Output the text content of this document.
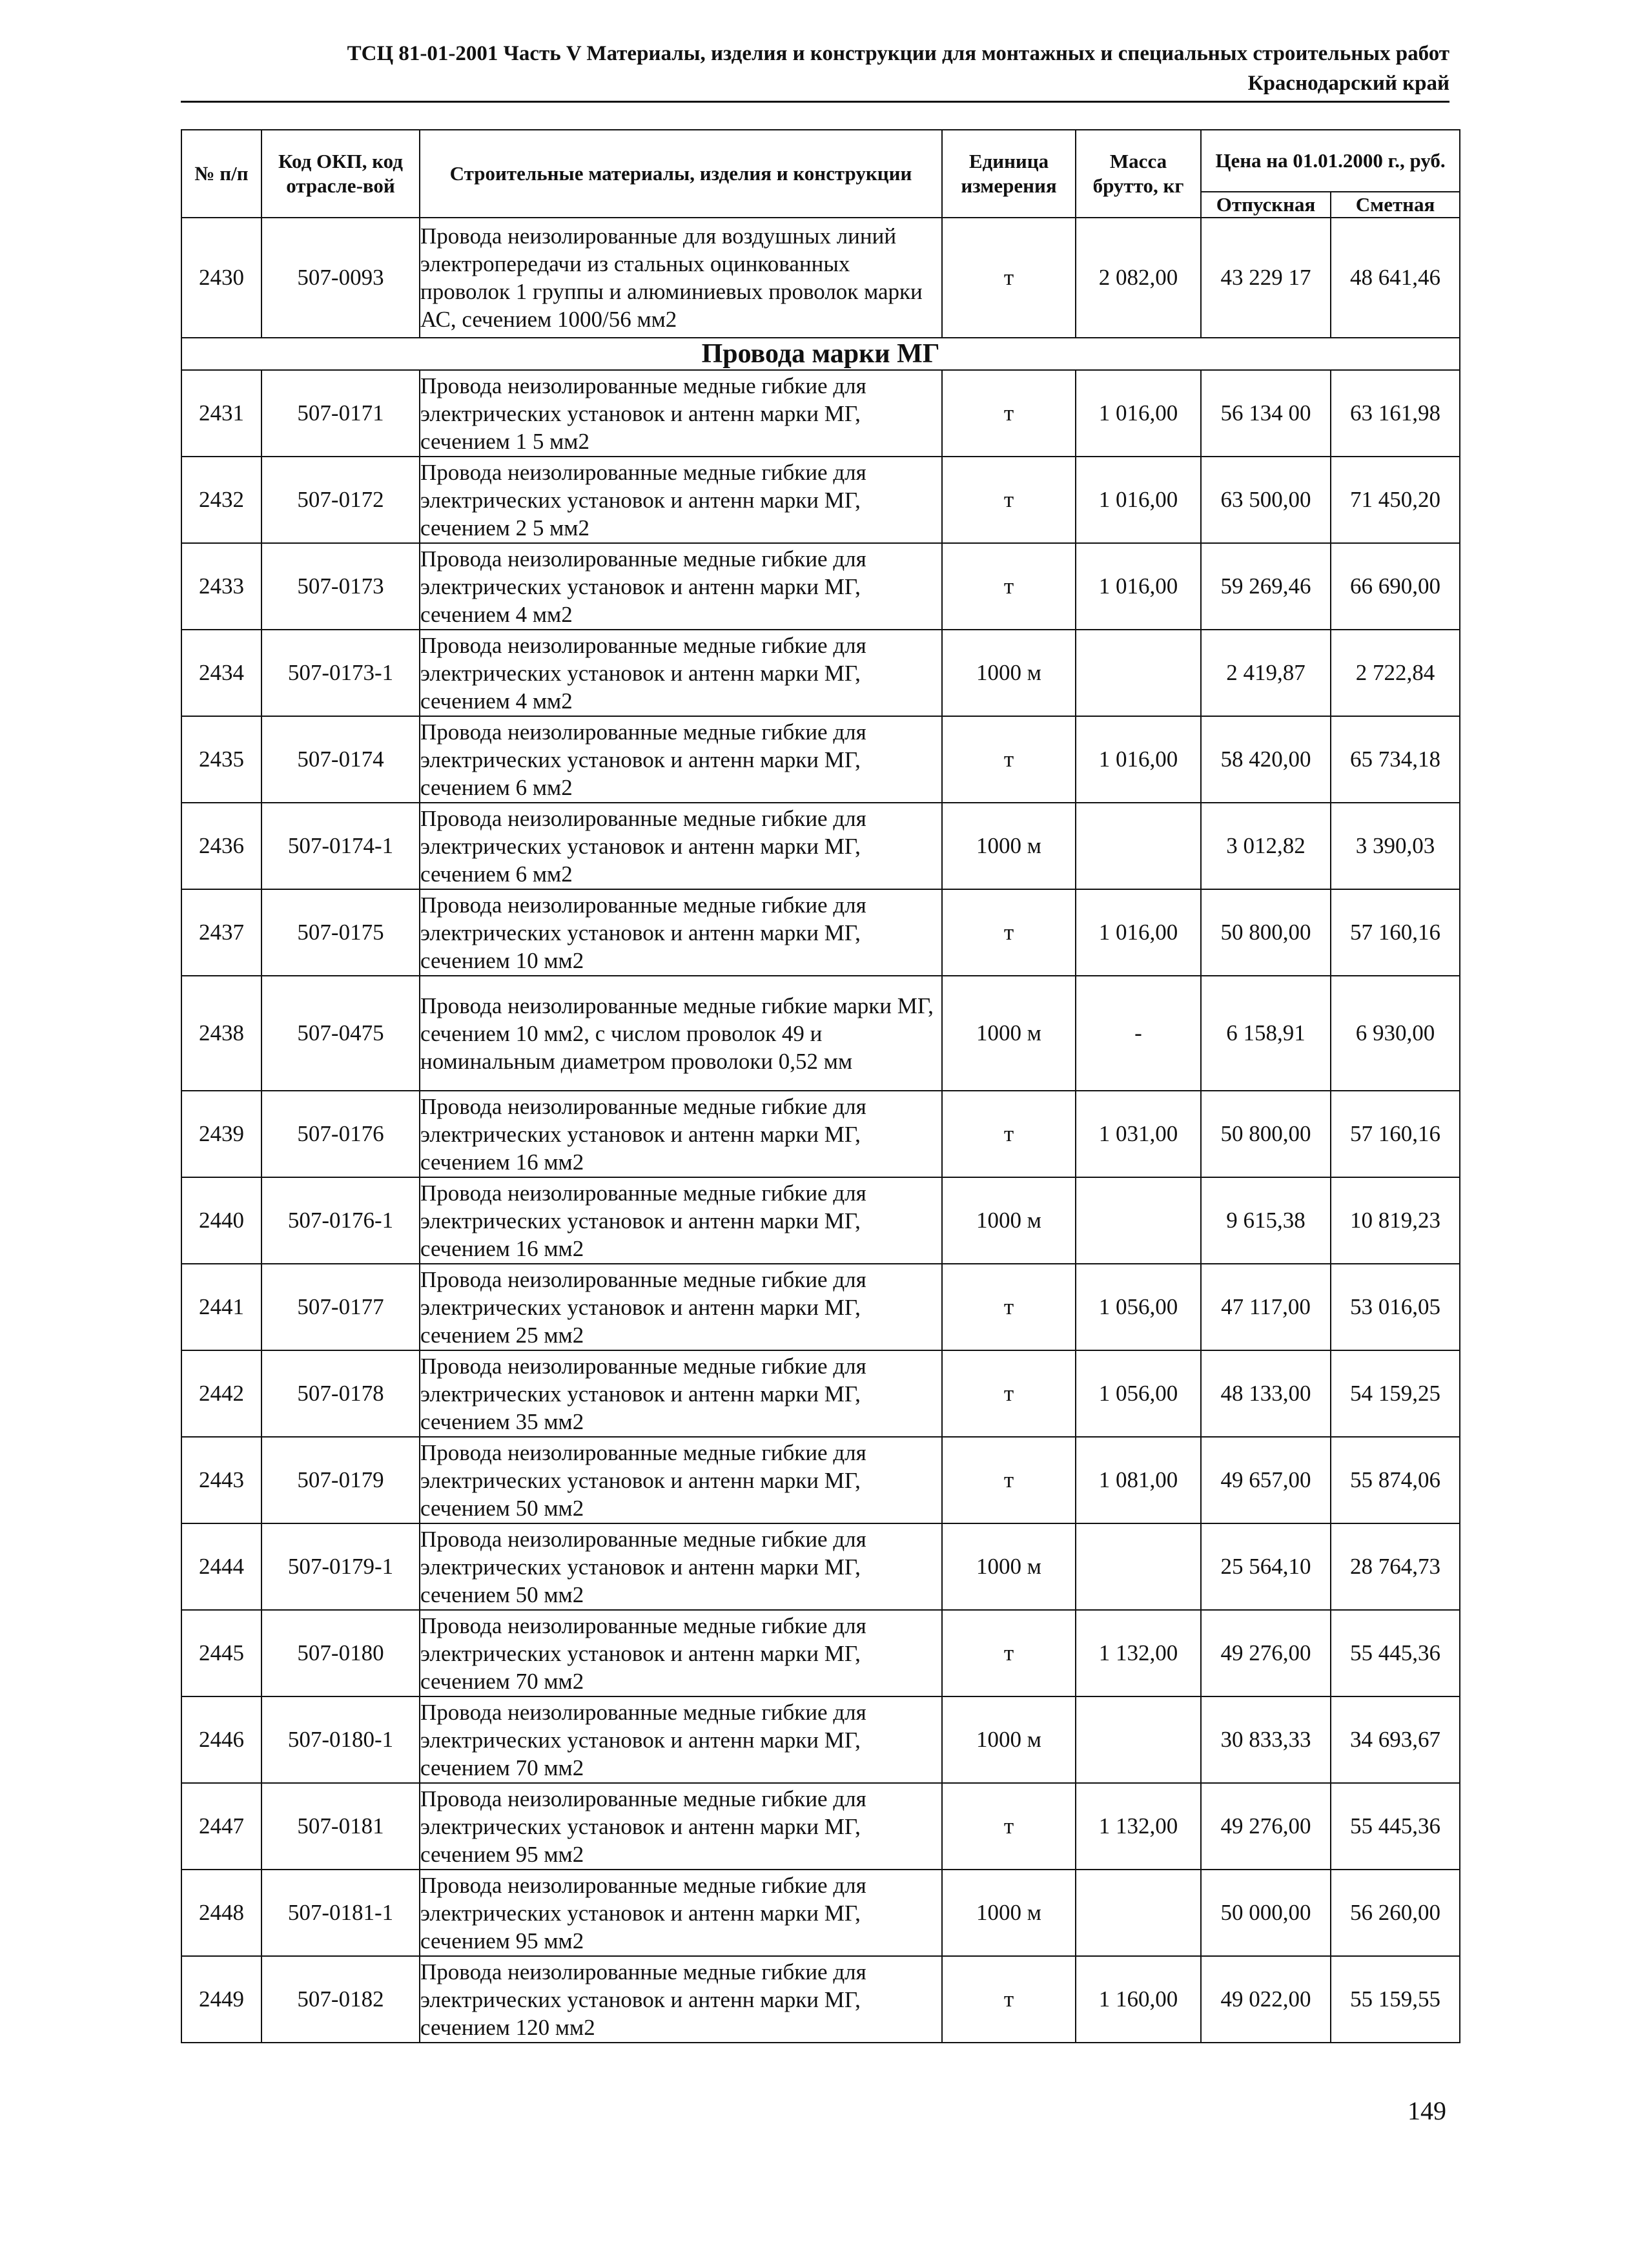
ТСЦ 81-01-2001 Часть V Материалы, изделия и конструкции для монтажных и специальных строительных работ
Краснодарский край
№ п/п	Код ОКП, код отрасле-вой	Строительные материалы, изделия и конструкции	Единица измерения	Масса брутто, кг	Цена на 01.01.2000 г., руб.	
					Отпускная	Сметная
2430	507-0093	Провода неизолированные для воздушных линий электропередачи из стальных оцинкованных проволок 1 группы и алюминиевых проволок марки АС, сечением 1000/56 мм2	т	2 082,00	43 229 17	48 641,46
Провода марки МГ						
2431	507-0171	Провода неизолированные медные гибкие для электрических установок и антенн марки МГ, сечением 1 5 мм2	т	1 016,00	56 134 00	63 161,98
2432	507-0172	Провода неизолированные медные гибкие для электрических установок и антенн марки МГ, сечением 2 5 мм2	т	1 016,00	63 500,00	71 450,20
2433	507-0173	Провода неизолированные медные гибкие для электрических установок и антенн марки МГ, сечением 4 мм2	т	1 016,00	59 269,46	66 690,00
2434	507-0173-1	Провода неизолированные медные гибкие для электрических установок и антенн марки МГ, сечением 4 мм2	1000 м		2 419,87	2 722,84
2435	507-0174	Провода неизолированные медные гибкие для электрических установок и антенн марки МГ, сечением 6 мм2	т	1 016,00	58 420,00	65 734,18
2436	507-0174-1	Провода неизолированные медные гибкие для электрических установок и антенн марки МГ, сечением 6 мм2	1000 м		3 012,82	3 390,03
2437	507-0175	Провода неизолированные медные гибкие для электрических установок и антенн марки МГ, сечением 10 мм2	т	1 016,00	50 800,00	57 160,16
2438	507-0475	Провода неизолированные медные гибкие марки МГ, сечением 10 мм2, с числом проволок 49 и номинальным диаметром проволоки 0,52 мм	1000 м	-	6 158,91	6 930,00
2439	507-0176	Провода неизолированные медные гибкие для электрических установок и антенн марки МГ, сечением 16 мм2	т	1 031,00	50 800,00	57 160,16
2440	507-0176-1	Провода неизолированные медные гибкие для электрических установок и антенн марки МГ, сечением 16 мм2	1000 м		9 615,38	10 819,23
2441	507-0177	Провода неизолированные медные гибкие для электрических установок и антенн марки МГ, сечением 25 мм2	т	1 056,00	47 117,00	53 016,05
2442	507-0178	Провода неизолированные медные гибкие для электрических установок и антенн марки МГ, сечением 35 мм2	т	1 056,00	48 133,00	54 159,25
2443	507-0179	Провода неизолированные медные гибкие для электрических установок и антенн марки МГ, сечением 50 мм2	т	1 081,00	49 657,00	55 874,06
2444	507-0179-1	Провода неизолированные медные гибкие для электрических установок и антенн марки МГ, сечением 50 мм2	1000 м		25 564,10	28 764,73
2445	507-0180	Провода неизолированные медные гибкие для электрических установок и антенн марки МГ, сечением 70 мм2	т	1 132,00	49 276,00	55 445,36
2446	507-0180-1	Провода неизолированные медные гибкие для электрических установок и антенн марки МГ, сечением 70 мм2	1000 м		30 833,33	34 693,67
2447	507-0181	Провода неизолированные медные гибкие для электрических установок и антенн марки МГ, сечением 95 мм2	т	1 132,00	49 276,00	55 445,36
2448	507-0181-1	Провода неизолированные медные гибкие для электрических установок и антенн марки МГ, сечением 95 мм2	1000 м		50 000,00	56 260,00
2449	507-0182	Провода неизолированные медные гибкие для электрических установок и антенн марки МГ, сечением 120 мм2	т	1 160,00	49 022,00	55 159,55
149
